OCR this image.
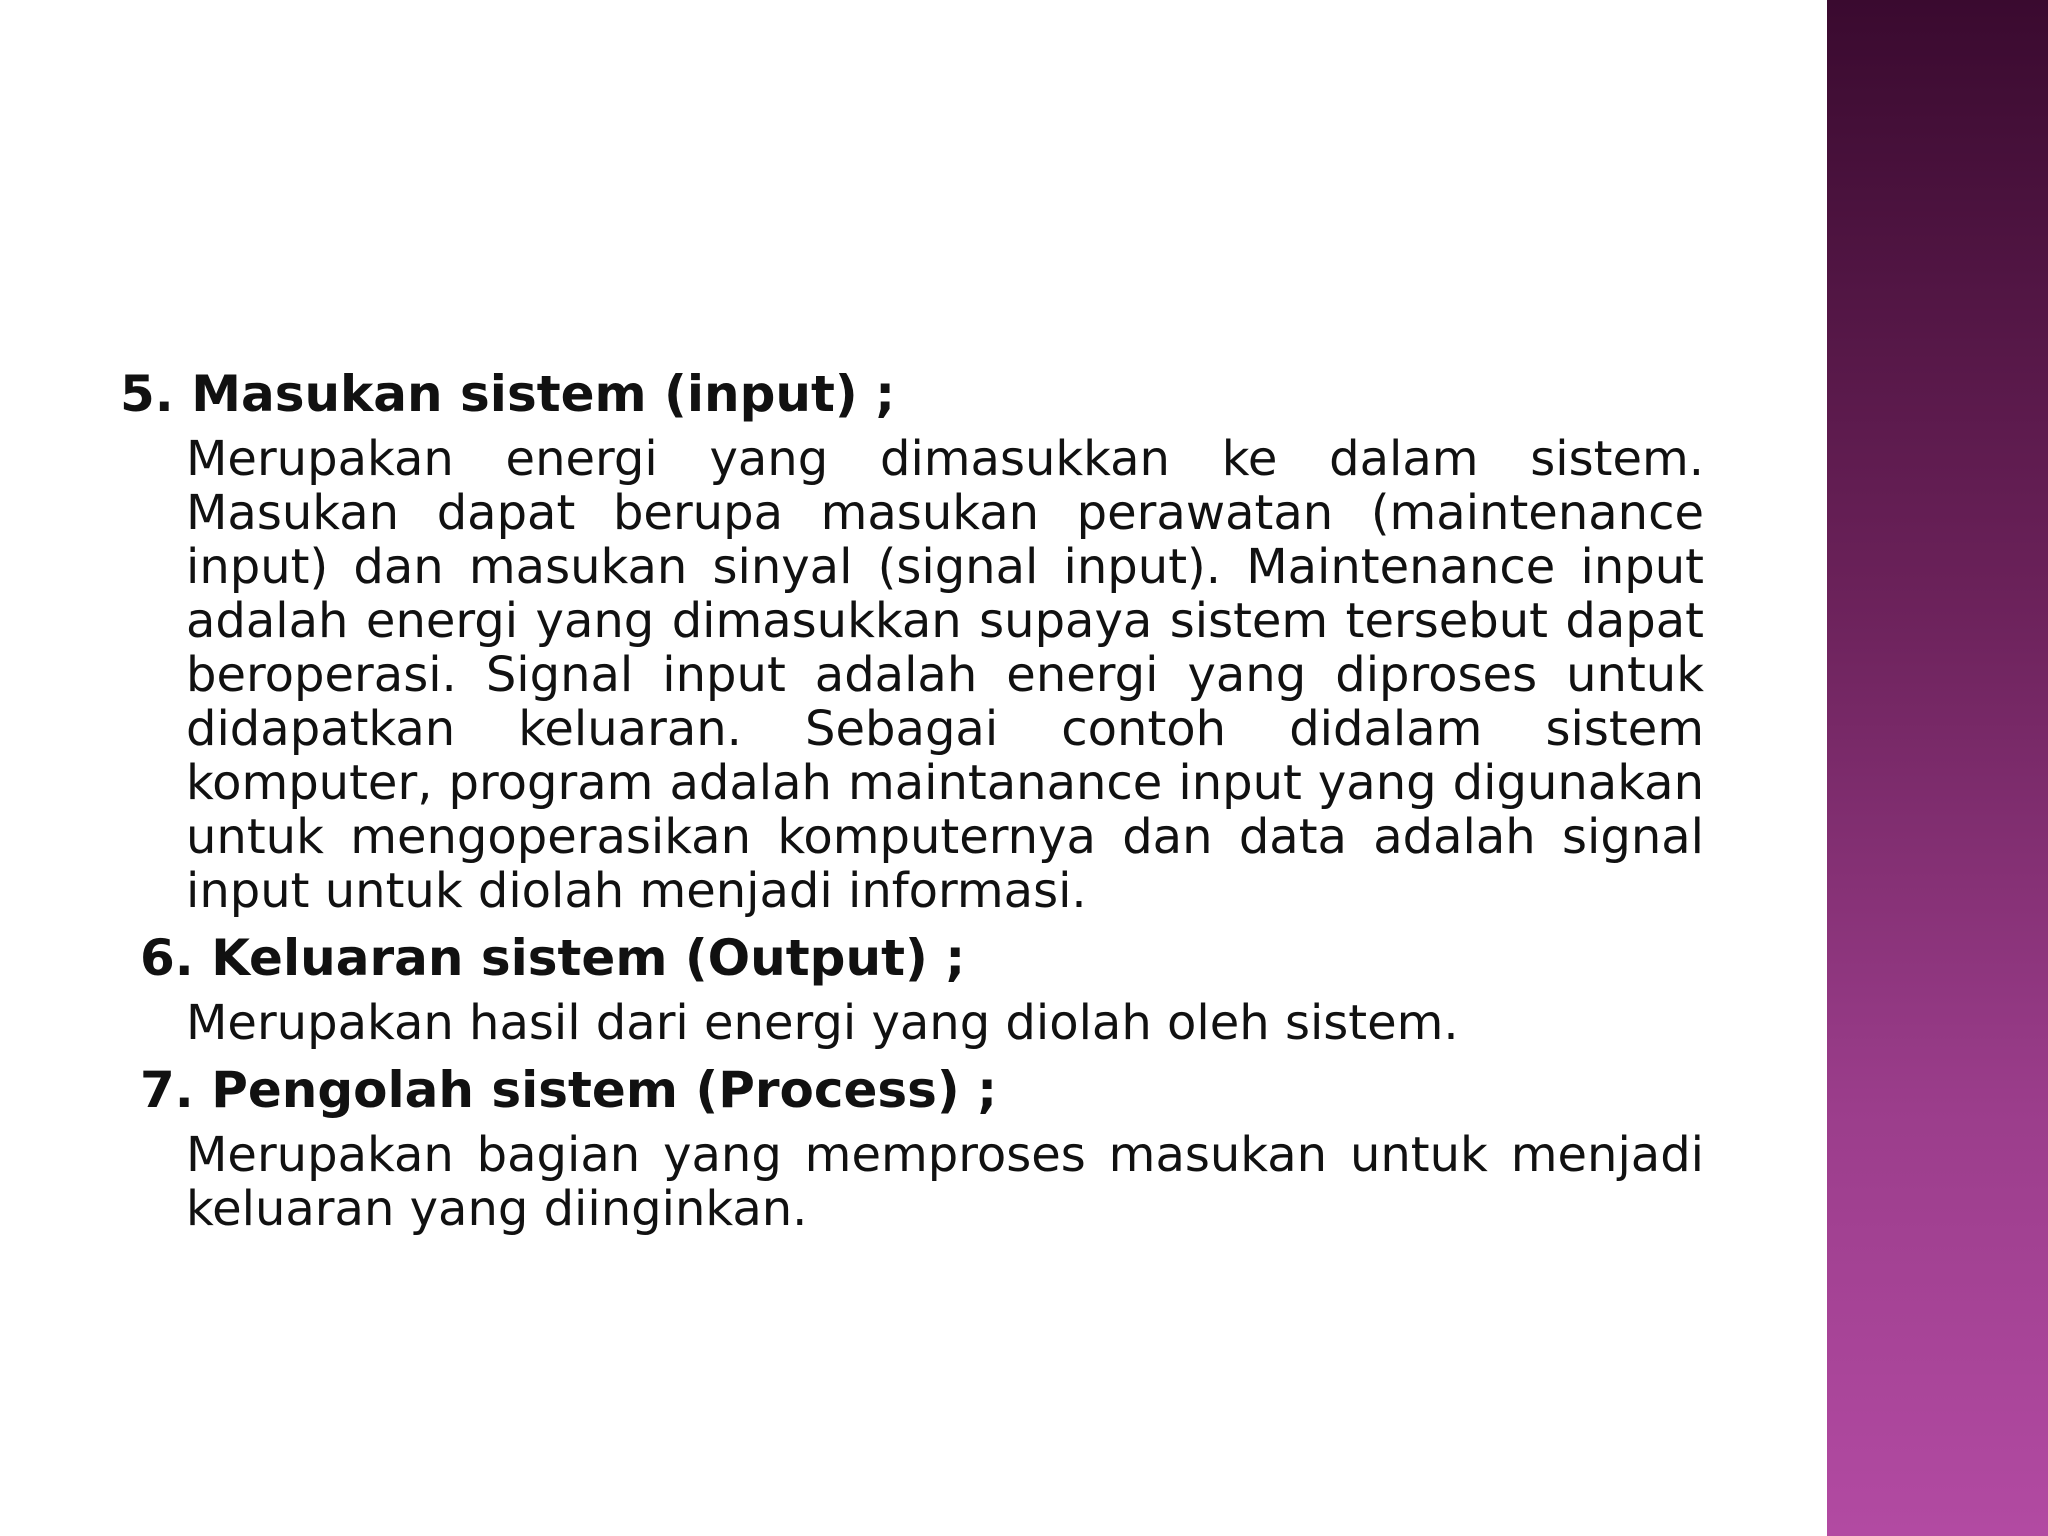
5. Masukan sistem (input) ;

Merupakan energi yang dimasukkan ke dalam sistem. Masukan dapat berupa masukan perawatan (maintenance input) dan masukan sinyal (signal input). Maintenance input adalah energi yang dimasukkan supaya sistem tersebut dapat beroperasi. Signal input adalah energi yang diproses untuk didapatkan keluaran. Sebagai contoh didalam sistem komputer, program adalah maintanance input yang digunakan untuk mengoperasikan komputernya dan data adalah signal input untuk diolah menjadi informasi.

6. Keluaran sistem (Output) ;

Merupakan hasil dari energi yang diolah oleh sistem.

7. Pengolah sistem (Process) ;

Merupakan bagian yang memproses masukan untuk menjadi keluaran yang diinginkan.
